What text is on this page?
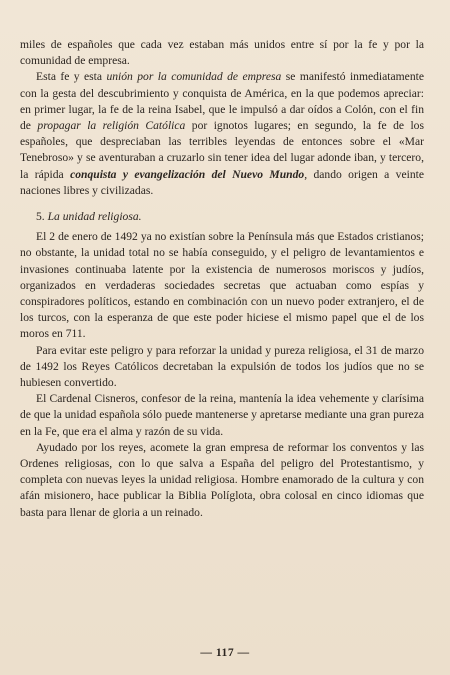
miles de españoles que cada vez estaban más unidos entre sí por la fe y por la comunidad de empresa.

Esta fe y esta unión por la comunidad de empresa se manifestó inmediatamente con la gesta del descubrimiento y conquista de América, en la que podemos apreciar: en primer lugar, la fe de la reina Isabel, que le impulsó a dar oídos a Colón, con el fin de propagar la religión Católica por ignotos lugares; en segundo, la fe de los españoles, que despreciaban las terribles leyendas de entonces sobre el «Mar Tenebroso» y se aventuraban a cruzarlo sin tener idea del lugar adonde iban, y tercero, la rápida conquista y evangelización del Nuevo Mundo, dando origen a veinte naciones libres y civilizadas.

5. La unidad religiosa.

El 2 de enero de 1492 ya no existían sobre la Península más que Estados cristianos; no obstante, la unidad total no se había conseguido, y el peligro de levantamientos e invasiones continuaba latente por la existencia de numerosos moriscos y judíos, organizados en verdaderas sociedades secretas que actuaban como espías y conspiradores políticos, estando en combinación con un nuevo poder extranjero, el de los turcos, con la esperanza de que este poder hiciese el mismo papel que el de los moros en 711.

Para evitar este peligro y para reforzar la unidad y pureza religiosa, el 31 de marzo de 1492 los Reyes Católicos decretaban la expulsión de todos los judíos que no se hubiesen convertido.

El Cardenal Cisneros, confesor de la reina, mantenía la idea vehemente y clarísima de que la unidad española sólo puede mantenerse y apretarse mediante una gran pureza en la Fe, que era el alma y razón de su vida.

Ayudado por los reyes, acomete la gran empresa de reformar los conventos y las Ordenes religiosas, con lo que salva a España del peligro del Protestantismo, y completa con nuevas leyes la unidad religiosa. Hombre enamorado de la cultura y con afán misionero, hace publicar la Biblia Políglota, obra colosal en cinco idiomas que basta para llenar de gloria a un reinado.

— 117 —
